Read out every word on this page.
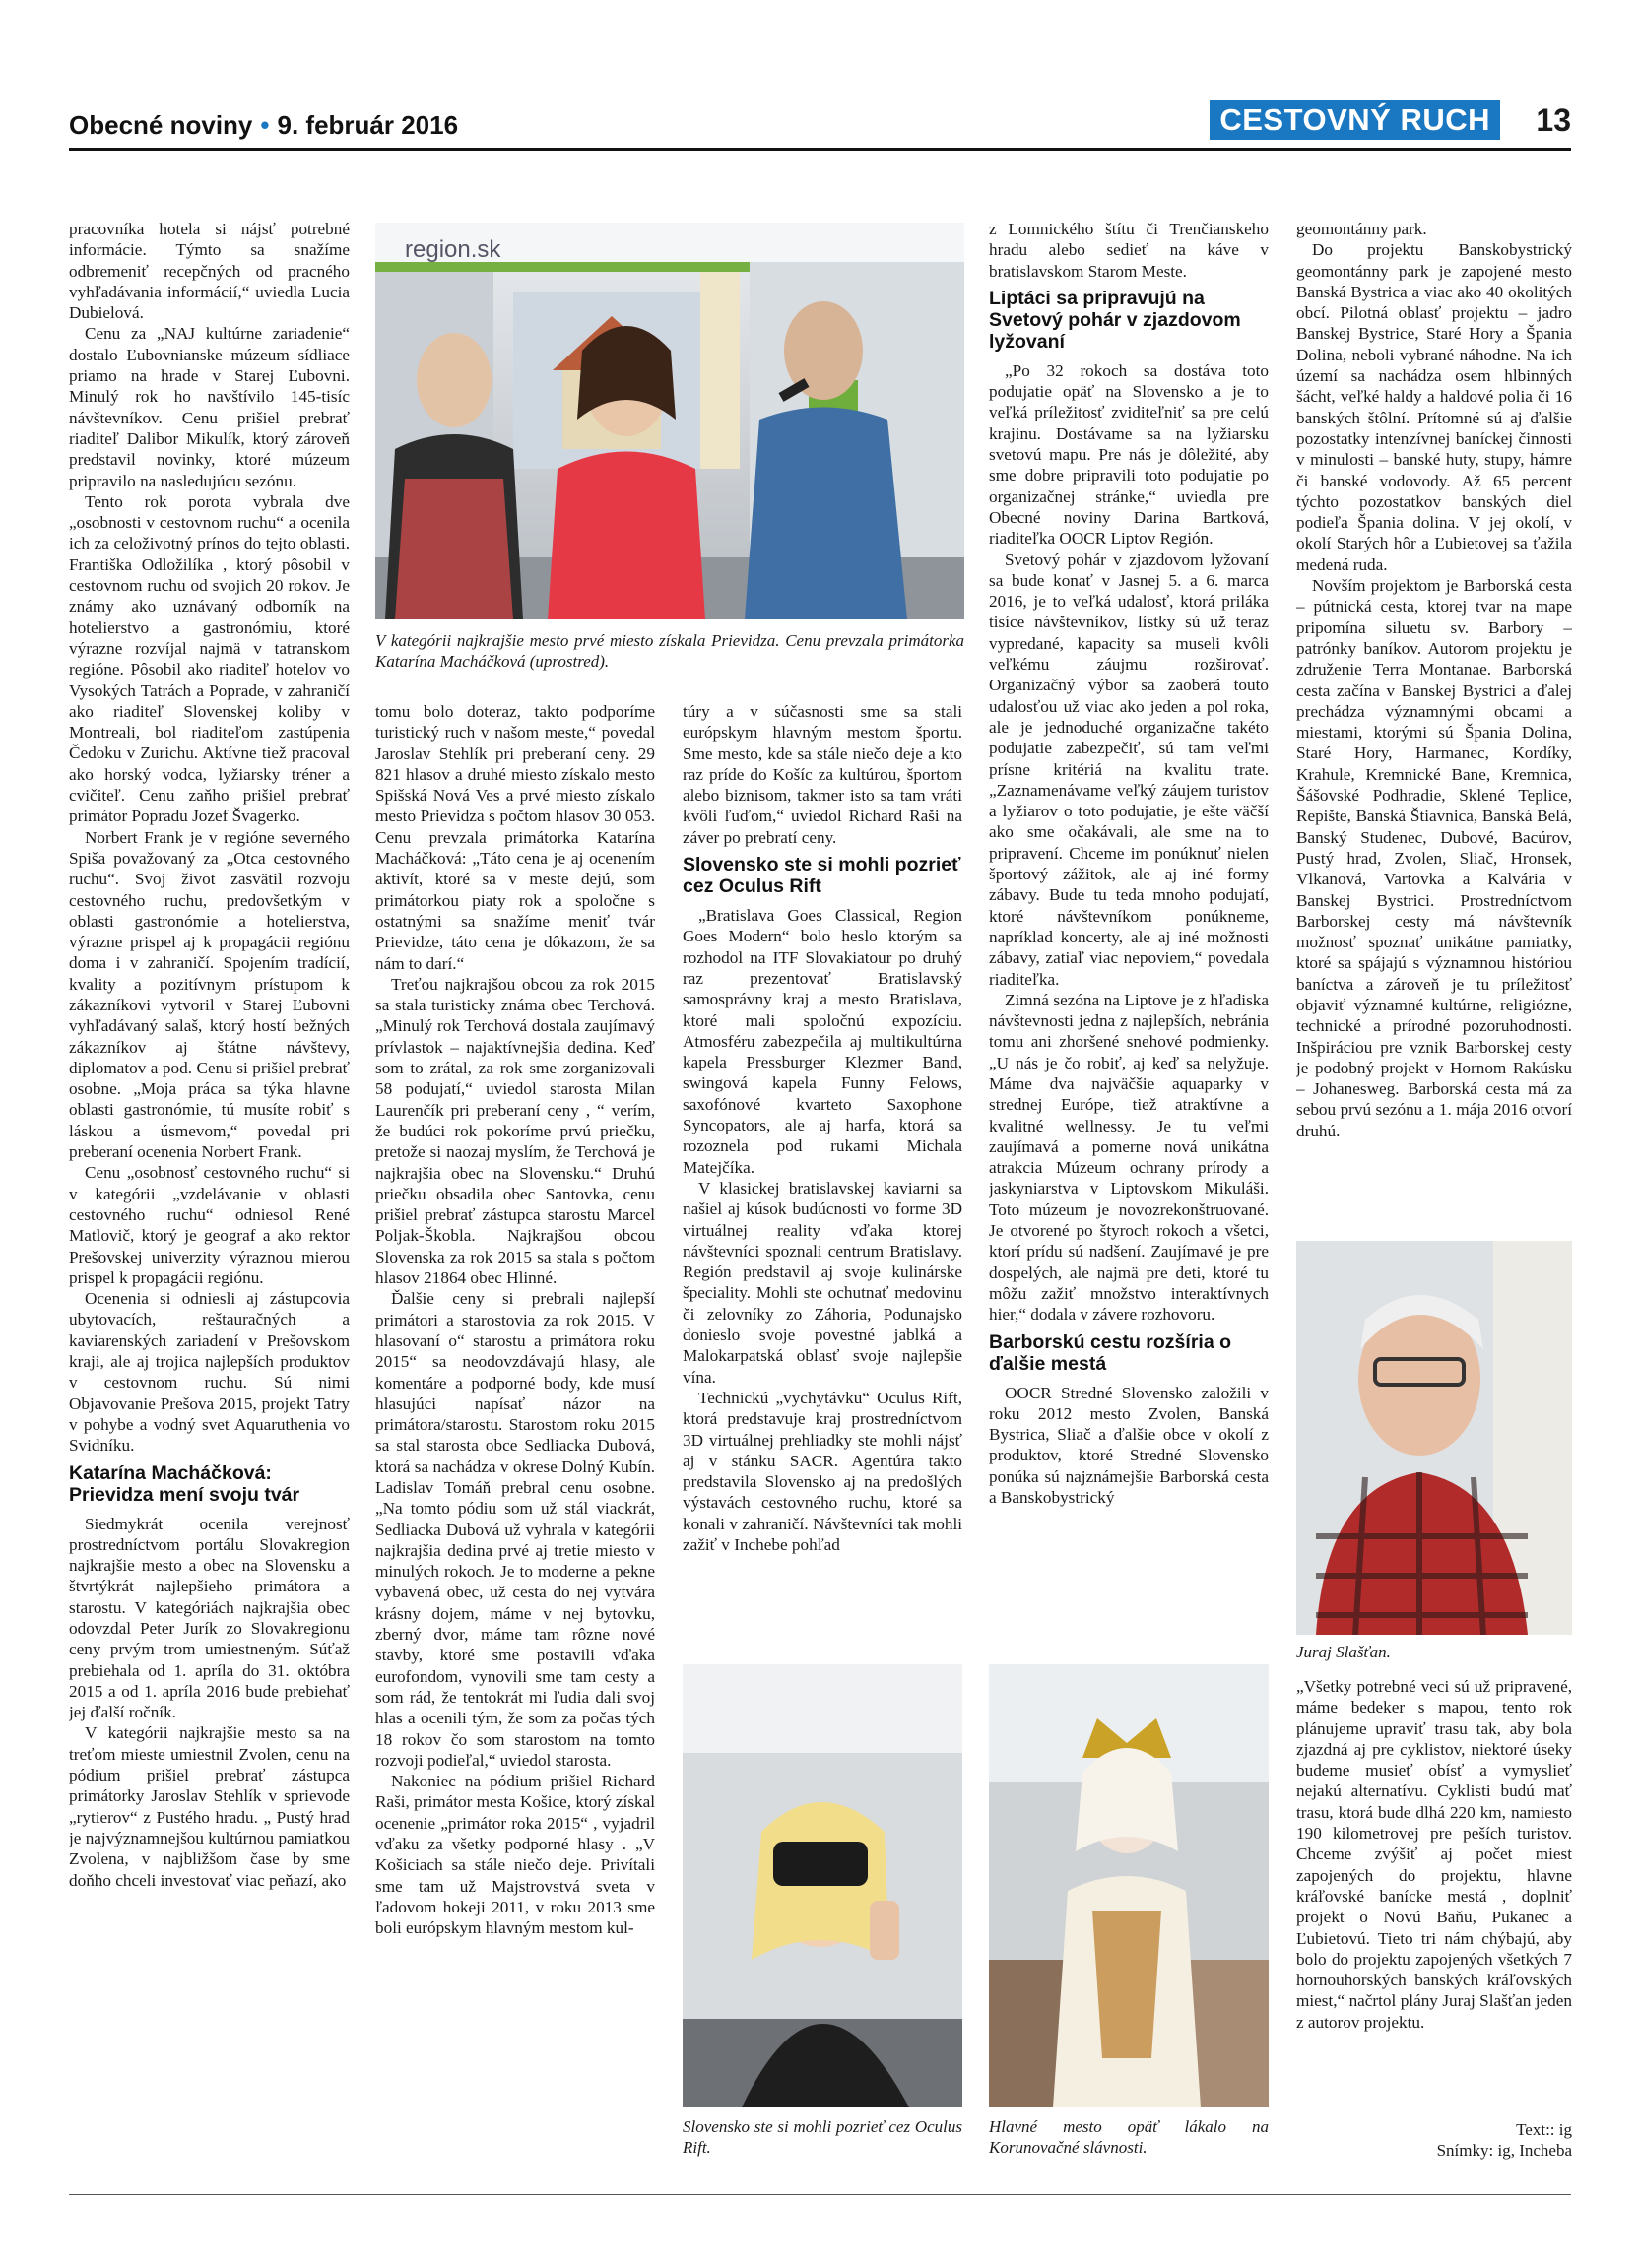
Obecné noviny • 9. február 2016	CESTOVNÝ RUCH	13

pracovníka hotela si nájsť potrebné informácie. Týmto sa snažíme odbremeniť recepčných od pracného vyhľadávania informácií,“ uviedla Lucia Dubielová.

Cenu za „NAJ kultúrne zariadenie“ dostalo Ľubovnianske múzeum sídliace priamo na hrade v Starej Ľubovni. Minulý rok ho navštívilo 145-tisíc návštevníkov. Cenu prišiel prebrať riaditeľ Dalibor Mikulík, ktorý zároveň predstavil novinky, ktoré múzeum pripravilo na nasledujúcu sezónu.

Tento rok porota vybrala dve „osobnosti v cestovnom ruchu“ a ocenila ich za celoživotný prínos do tejto oblasti. Františka Odložilíka , ktorý pôsobil v cestovnom ruchu od svojich 20 rokov. Je známy ako uznávaný odborník na hotelierstvo a gastronómiu, ktoré výrazne rozvíjal najmä v tatranskom regióne. Pôsobil ako riaditeľ hotelov vo Vysokých Tatrách a Poprade, v zahraničí ako riaditeľ Slovenskej koliby v Montreali, bol riaditeľom zastúpenia Čedoku v Zurichu. Aktívne tiež pracoval ako horský vodca, lyžiarsky tréner a cvičiteľ. Cenu zaňho prišiel prebrať primátor Popradu Jozef Švagerko.

Norbert Frank je v regióne severného Spiša považovaný za „Otca cestovného ruchu“. Svoj život zasvätil rozvoju cestovného ruchu, predovšetkým v oblasti gastronómie a hotelierstva, výrazne prispel aj k propagácii regiónu doma i v zahraničí. Spojením tradícií, kvality a pozitívnym prístupom k zákazníkovi vytvoril v Starej Ľubovni vyhľadávaný salaš, ktorý hostí bežných zákazníkov aj štátne návštevy, diplomatov a pod. Cenu si prišiel prebrať osobne. „Moja práca sa týka hlavne oblasti gastronómie, tú musíte robiť s láskou a úsmevom,“ povedal pri preberaní ocenenia Norbert Frank.

Cenu „osobnosť cestovného ruchu“ si v kategórii „vzdelávanie v oblasti cestovného ruchu“ odniesol René Matlovič, ktorý je geograf a ako rektor Prešovskej univerzity výraznou mierou prispel k propagácii regiónu.

Ocenenia si odniesli aj zástupcovia ubytovacích, reštauračných a kaviarenských zariadení v Prešovskom kraji, ale aj trojica najlepších produktov v cestovnom ruchu. Sú nimi Objavovanie Prešova 2015, projekt Tatry v pohybe a vodný svet Aquaruthenia vo Svidníku.

Katarína Macháčková: Prievidza mení svoju tvár

Siedmykrát ocenila verejnosť prostredníctvom portálu Slovakregion najkrajšie mesto a obec na Slovensku a štvrtýkrát najlepšieho primátora a starostu. V kategóriách najkrajšia obec odovzdal Peter Jurík zo Slovakregionu ceny prvým trom umiestneným. Súťaž prebiehala od 1. apríla do 31. októbra 2015 a od 1. apríla 2016 bude prebiehať jej ďalší ročník.

V kategórii najkrajšie mesto sa na treťom mieste umiestnil Zvolen, cenu na pódium prišiel prebrať zástupca primátorky Jaroslav Stehlík v sprievode „rytierov“ z Pustého hradu. „ Pustý hrad je najvýznamnejšou kultúrnou pamiatkou Zvolena, v najbližšom čase by sme doňho chceli investovať viac peňazí, ako

region.sk
V kategórii najkrajšie mesto prvé miesto získala Prievidza. Cenu prevzala primátorka Katarína Macháčková (uprostred).

tomu bolo doteraz, takto podporíme turistický ruch v našom meste,“ povedal Jaroslav Stehlík pri preberaní ceny. 29 821 hlasov a druhé miesto získalo mesto Spišská Nová Ves a prvé miesto získalo mesto Prievidza s počtom hlasov 30 053. Cenu prevzala primátorka Katarína Macháčková: „Táto cena je aj ocenením aktivít, ktoré sa v meste dejú, som primátorkou piaty rok a spoločne s ostatnými sa snažíme meniť tvár Prievidze, táto cena je dôkazom, že sa nám to darí.“

Treťou najkrajšou obcou za rok 2015 sa stala turisticky známa obec Terchová. „Minulý rok Terchová dostala zaujímavý prívlastok – najaktívnejšia dedina. Keď som to zrátal, za rok sme zorganizovali 58 podujatí,“ uviedol starosta Milan Laurenčík pri preberaní ceny , “ verím, že budúci rok pokoríme prvú priečku, pretože si naozaj myslím, že Terchová je najkrajšia obec na Slovensku.“ Druhú priečku obsadila obec Santovka, cenu prišiel prebrať zástupca starostu Marcel Poljak-Škobla. Najkrajšou obcou Slovenska za rok 2015 sa stala s počtom hlasov 21864 obec Hlinné.

Ďalšie ceny si prebrali najlepší primátori a starostovia za rok 2015. V hlasovaní o“ starostu a primátora roku 2015“ sa neodovzdávajú hlasy, ale komentáre a podporné body, kde musí hlasujúci napísať názor na primátora/starostu. Starostom roku 2015 sa stal starosta obce Sedliacka Dubová, ktorá sa nachádza v okrese Dolný Kubín. Ladislav Tomáň prebral cenu osobne. „Na tomto pódiu som už stál viackrát, Sedliacka Dubová už vyhrala v kategórii najkrajšia dedina prvé aj tretie miesto v minulých rokoch. Je to moderne a pekne vybavená obec, už cesta do nej vytvára krásny dojem, máme v nej bytovku, zberný dvor, máme tam rôzne nové stavby, ktoré sme postavili vďaka eurofondom, vynovili sme tam cesty a som rád, že tentokrát mi ľudia dali svoj hlas a ocenili tým, že som za počas tých 18 rokov čo som starostom na tomto rozvoji podieľal,“ uviedol starosta.

Nakoniec na pódium prišiel Richard Raši, primátor mesta Košice, ktorý získal ocenenie „primátor roka 2015“ , vyjadril vďaku za všetky podporné hlasy . „V Košiciach sa stále niečo deje. Privítali sme tam už Majstrovstvá sveta v ľadovom hokeji 2011, v roku 2013 sme boli európskym hlavným mestom kul-

túry a v súčasnosti sme sa stali európskym hlavným mestom športu. Sme mesto, kde sa stále niečo deje a kto raz príde do Košíc za kultúrou, športom alebo biznisom, takmer isto sa tam vráti kvôli ľuďom,“ uviedol Richard Raši na záver po prebratí ceny.

Slovensko ste si mohli pozrieť cez Oculus Rift

„Bratislava Goes Classical, Region Goes Modern“ bolo heslo ktorým sa rozhodol na ITF Slovakiatour po druhý raz prezentovať Bratislavský samosprávny kraj a mesto Bratislava, ktoré mali spoločnú expozíciu. Atmosféru zabezpečila aj multikultúrna kapela Pressburger Klezmer Band, swingová kapela Funny Felows, saxofónové kvarteto Saxophone Syncopators, ale aj harfa, ktorá sa rozoznela pod rukami Michala Matejčíka.

V klasickej bratislavskej kaviarni sa našiel aj kúsok budúcnosti vo forme 3D virtuálnej reality vďaka ktorej návštevníci spoznali centrum Bratislavy. Región predstavil aj svoje kulinárske špeciality. Mohli ste ochutnať medovinu či zelovníky zo Záhoria, Podunajsko donieslo svoje povestné jablká a Malokarpatská oblasť svoje najlepšie vína.

Technickú „vychytávku“ Oculus Rift, ktorá predstavuje kraj prostredníctvom 3D virtuálnej prehliadky ste mohli nájsť aj v stánku SACR. Agentúra takto predstavila Slovensko aj na predošlých výstavách cestovného ruchu, ktoré sa konali v zahraničí. Návštevníci tak mohli zažiť v Inchebe pohľad

Slovensko ste si mohli pozrieť cez Oculus Rift.

z Lomnického štítu či Trenčianskeho hradu alebo sedieť na káve v bratislavskom Starom Meste.

Liptáci sa pripravujú na Svetový pohár v zjazdovom lyžovaní

„Po 32 rokoch sa dostáva toto podujatie opäť na Slovensko a je to veľká príležitosť zviditeľniť sa pre celú krajinu. Dostávame sa na lyžiarsku svetovú mapu. Pre nás je dôležité, aby sme dobre pripravili toto podujatie po organizačnej stránke,“ uviedla pre Obecné noviny Darina Bartková, riaditeľka OOCR Liptov Región.

Svetový pohár v zjazdovom lyžovaní sa bude konať v Jasnej 5. a 6. marca 2016, je to veľká udalosť, ktorá priláka tisíce návštevníkov, lístky sú už teraz vypredané, kapacity sa museli kvôli veľkému záujmu rozširovať. Organizačný výbor sa zaoberá touto udalosťou už viac ako jeden a pol roka, ale je jednoduché organizačne takéto podujatie zabezpečiť, sú tam veľmi prísne kritériá na kvalitu trate. „Zaznamenávame veľký záujem turistov a lyžiarov o toto podujatie, je ešte väčší ako sme očakávali, ale sme na to pripravení. Chceme im ponúknuť nielen športový zážitok, ale aj iné formy zábavy. Bude tu teda mnoho podujatí, ktoré návštevníkom ponúkneme, napríklad koncerty, ale aj iné možnosti zábavy, zatiaľ viac nepoviem,“ povedala riaditeľka.

Zimná sezóna na Liptove je z hľadiska návštevnosti jedna z najlepších, nebránia tomu ani zhoršené snehové podmienky. „U nás je čo robiť, aj keď sa nelyžuje. Máme dva najväčšie aquaparky v strednej Európe, tiež atraktívne a kvalitné wellnessy. Je tu veľmi zaujímavá a pomerne nová unikátna atrakcia Múzeum ochrany prírody a jaskyniarstva v Liptovskom Mikuláši. Toto múzeum je novozrekonštruované. Je otvorené po štyroch rokoch a všetci, ktorí prídu sú nadšení. Zaujímavé je pre dospelých, ale najmä pre deti, ktoré tu môžu zažiť množstvo interaktívnych hier,“ dodala v závere rozhovoru.

Barborskú cestu rozšíria o ďalšie mestá

OOCR Stredné Slovensko založili v roku 2012 mesto Zvolen, Banská Bystrica, Sliač a ďalšie obce v okolí z produktov, ktoré Stredné Slovensko ponúka sú najznámejšie Barborská cesta a Banskobystrický

Hlavné mesto opäť lákalo na Korunovačné slávnosti.

geomontánny park.

Do projektu Banskobystrický geomontánny park je zapojené mesto Banská Bystrica a viac ako 40 okolitých obcí. Pilotná oblasť projektu – jadro Banskej Bystrice, Staré Hory a Špania Dolina, neboli vybrané náhodne. Na ich území sa nachádza osem hlbinných šácht, veľké haldy a haldové polia či 16 banských štôlní. Prítomné sú aj ďalšie pozostatky intenzívnej baníckej činnosti v minulosti – banské huty, stupy, hámre či banské vodovody. Až 65 percent týchto pozostatkov banských diel podieľa Špania dolina. V jej okolí, v okolí Starých hôr a Ľubietovej sa ťažila medená ruda.

Novším projektom je Barborská cesta – pútnická cesta, ktorej tvar na mape pripomína siluetu sv. Barbory – patrónky baníkov. Autorom projektu je združenie Terra Montanae. Barborská cesta začína v Banskej Bystrici a ďalej prechádza významnými obcami a miestami, ktorými sú Špania Dolina, Staré Hory, Harmanec, Kordíky, Krahule, Kremnické Bane, Kremnica, Šášovské Podhradie, Sklené Teplice, Repište, Banská Štiavnica, Banská Belá, Banský Studenec, Dubové, Bacúrov, Pustý hrad, Zvolen, Sliač, Hronsek, Vlkanová, Vartovka a Kalvária v Banskej Bystrici. Prostredníctvom Barborskej cesty má návštevník možnosť spoznať unikátne pamiatky, ktoré sa spájajú s významnou históriou baníctva a zároveň je tu príležitosť objaviť významné kultúrne, religiózne, technické a prírodné pozoruhodnosti. Inšpiráciou pre vznik Barborskej cesty je podobný projekt v Hornom Rakúsku – Johanesweg. Barborská cesta má za sebou prvú sezónu a 1. mája 2016 otvorí druhú.

Juraj Slašťan.

„Všetky potrebné veci sú už pripravené, máme bedeker s mapou, tento rok plánujeme upraviť trasu tak, aby bola zjazdná aj pre cyklistov, niektoré úseky budeme musieť obísť a vymyslieť nejakú alternatívu. Cyklisti budú mať trasu, ktorá bude dlhá 220 km, namiesto 190 kilometrovej pre peších turistov. Chceme zvýšiť aj počet miest zapojených do projektu, hlavne kráľovské banícke mestá , doplniť projekt o Novú Baňu, Pukanec a Ľubietovú. Tieto tri nám chýbajú, aby bolo do projektu zapojených všetkých 7 hornouhorských banských kráľovských miest,“ načrtol plány Juraj Slašťan jeden z autorov projektu.

Text:: ig
Snímky: ig, Incheba
